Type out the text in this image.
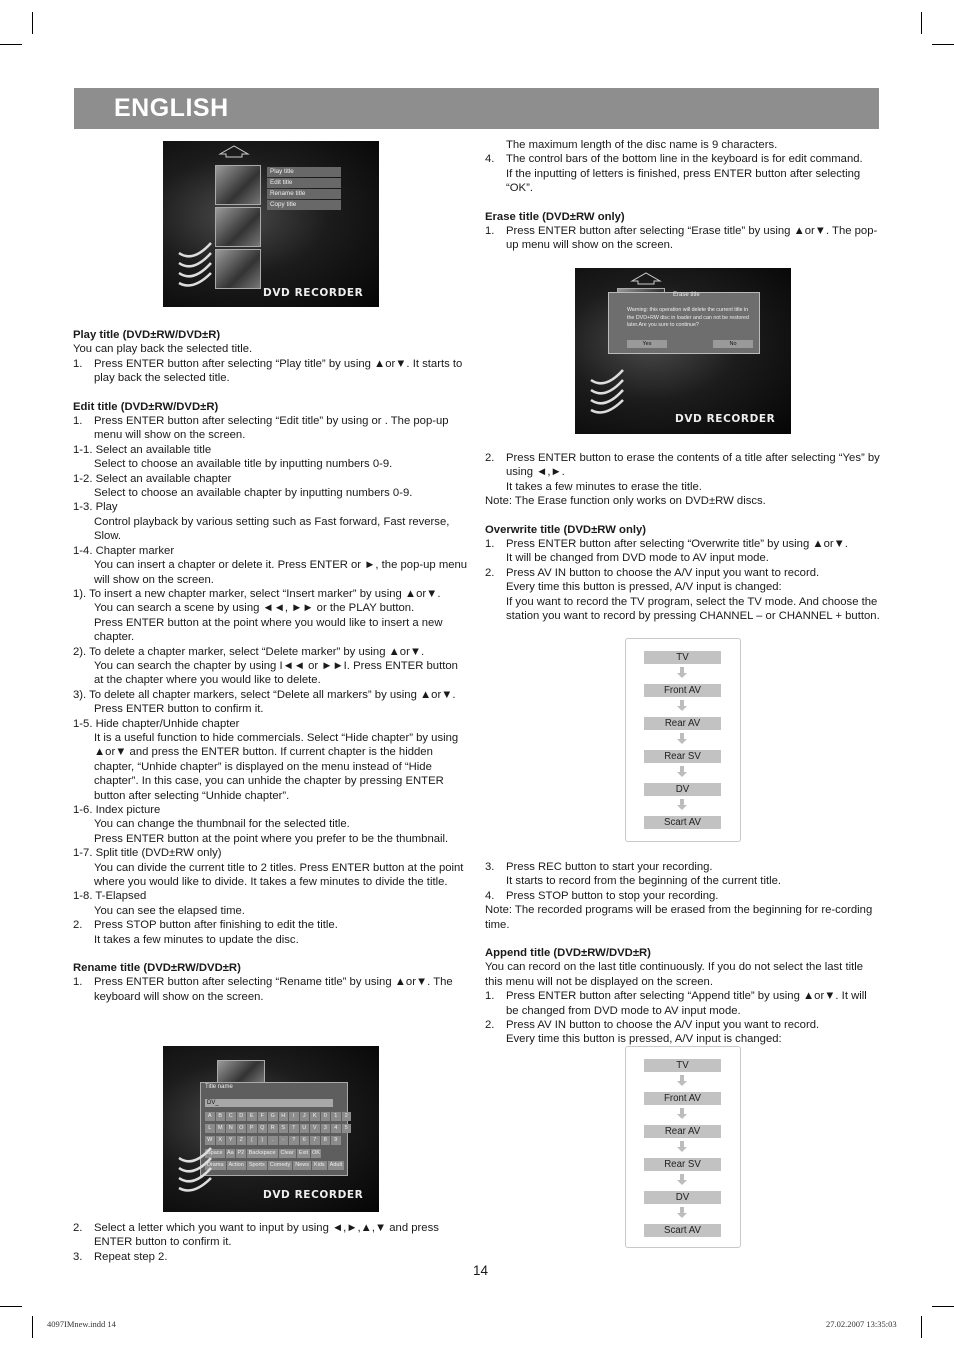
ENGLISH
Play title
Edit title
Rename title
Copy title
DVD RECORDER	Erase title
Warning: this operation will delete the current title in the DVD+RW disc in loader and can not be restored later.Are you sure to continue?
Yes	No
DVD RECORDER
Title name
DV_
A	B	C	D	E	F	G	H	I	J	K	0	1	2
L	M	N	O	P	Q	R	S	T	U	V	3	4	5
W	X	Y	Z	(	)	.	-	?	6	7	8	9
Space Aa P2 Backspace Clear Exit OK
Drama Action Sports Comedy News Kids Adult
DVD RECORDER

Play title (DVD±RW/DVD±R)

You can play back the selected title.

1. Press ENTER button after selecting “Play title” by using ▲or▼. It starts to play back the selected title.

Edit title (DVD±RW/DVD±R)

1. Press ENTER button after selecting “Edit title” by using or . The pop-up menu will show on the screen.

1-1. Select an available title

Select to choose an available title by inputting numbers 0-9.

1-2. Select an available chapter

Select to choose an available chapter by inputting numbers 0-9.

1-3. Play

Control playback by various setting such as Fast forward, Fast reverse, Slow.

1-4. Chapter marker

You can insert a chapter or delete it. Press ENTER or ►, the pop-up menu will show on the screen.

1). To insert a new chapter marker, select “Insert marker” by using ▲or▼.

You can search a scene by using ◄◄, ►► or the PLAY button.

Press ENTER button at the point where you would like to insert a new chapter.

2). To delete a chapter marker, select “Delete marker” by using ▲or▼.

You can search the chapter by using I◄◄ or ►►I. Press ENTER button at the chapter where you would like to delete.

3). To delete all chapter markers, select “Delete all markers” by using ▲or▼. Press ENTER button to confirm it.

1-5. Hide chapter/Unhide chapter

It is a useful function to hide commercials. Select “Hide chapter” by using ▲or▼ and press the ENTER button. If current chapter is the hidden chapter, “Unhide chapter” is displayed on the menu instead of “Hide chapter”. In this case, you can unhide the chapter by pressing ENTER button after selecting “Unhide chapter”.

1-6. Index picture

You can change the thumbnail for the selected title.

Press ENTER button at the point where you prefer to be the thumbnail.

1-7. Split title (DVD±RW only)

You can divide the current title to 2 titles. Press ENTER button at the point where you would like to divide. It takes a few minutes to divide the title.

1-8. T-Elapsed

You can see the elapsed time.

2. Press STOP button after finishing to edit the title.

It takes a few minutes to update the disc.

Rename title (DVD±RW/DVD±R)

1. Press ENTER button after selecting “Rename title” by using ▲or▼. The keyboard will show on the screen.

2. Select a letter which you want to input by using ◄,►,▲,▼ and press ENTER button to confirm it.

3. Repeat step 2.

The maximum length of the disc name is 9 characters.

4. The control bars of the bottom line in the keyboard is for edit command.

If the inputting of letters is finished, press ENTER button after selecting “OK”.

Erase title (DVD±RW only)

1. Press ENTER button after selecting “Erase title” by using ▲or▼. The pop-up menu will show on the screen.

2. Press ENTER button to erase the contents of a title after selecting “Yes” by using ◄,►.

It takes a few minutes to erase the title.

Note: The Erase function only works on DVD±RW discs.

Overwrite title (DVD±RW only)

1. Press ENTER button after selecting “Overwrite title” by using ▲or▼.

It will be changed from DVD mode to AV input mode.

2. Press AV IN button to choose the A/V input you want to record.

Every time this button is pressed, A/V input is changed:

If you want to record the TV program, select the TV mode. And choose the station you want to record by pressing CHANNEL – or CHANNEL + button.

TV
Front AV
Rear AV
Rear SV
DV
Scart AV

3. Press REC button to start your recording.

It starts to record from the beginning of the current title.

4. Press STOP button to stop your recording.

Note: The recorded programs will be erased from the beginning for re-cording time.

Append title (DVD±RW/DVD±R)

You can record on the last title continuously. If you do not select the last title this menu will not be displayed on the screen.

1. Press ENTER button after selecting “Append title” by using ▲or▼. It will be changed from DVD mode to AV input mode.

2. Press AV IN button to choose the A/V input you want to record.

Every time this button is pressed, A/V input is changed:

TV
Front AV
Rear AV
Rear SV
DV
Scart AV
14
4097IMnew.indd 14	27.02.2007 13:35:03
